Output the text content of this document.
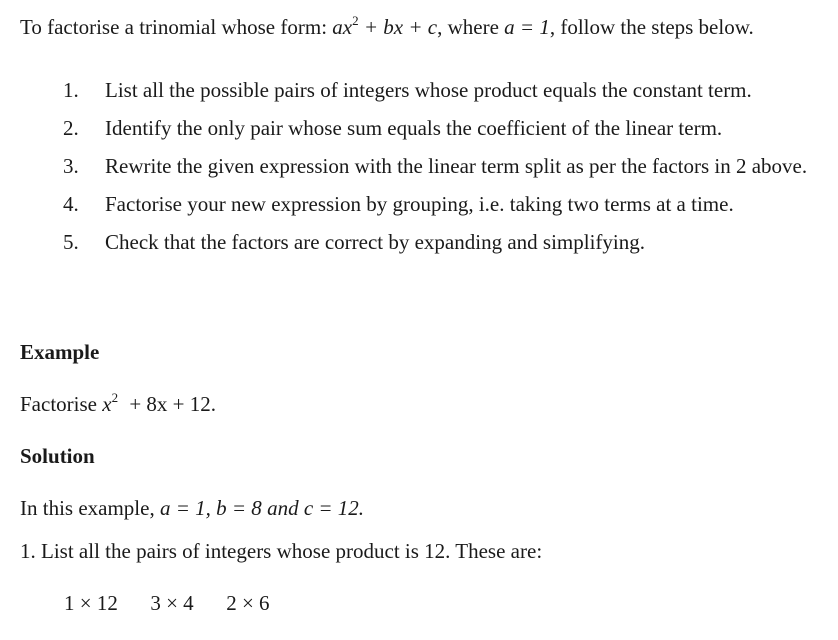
To factorise a trinomial whose form: $ax^2$ + bx + c, where a = 1, follow the steps below.
1. List all the possible pairs of integers whose product equals the constant term.
2. Identify the only pair whose sum equals the coefficient of the linear term.
3. Rewrite the given expression with the linear term split as per the factors in 2 above.
4. Factorise your new expression by grouping, i.e. taking two terms at a time.
5. Check that the factors are correct by expanding and simplifying.
Example
Factorise $x^2 + 8x + 12$.
Solution
In this example, a = 1, b = 8 and c = 12.
1. List all the pairs of integers whose product is 12. These are:
1 × 12 3 × 4 2 × 6
